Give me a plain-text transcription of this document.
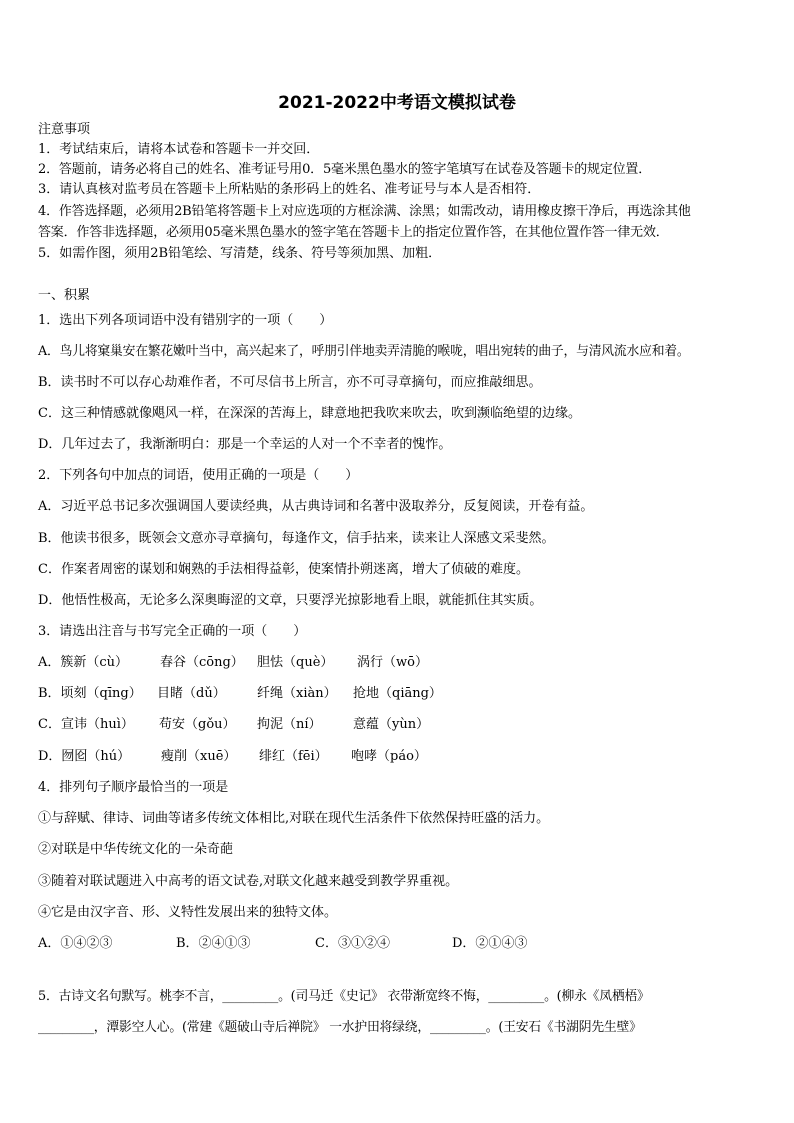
2021-2022中考语文模拟试卷
注意事项
1．考试结束后，请将本试卷和答题卡一并交回．
2．答题前，请务必将自己的姓名、准考证号用0．5毫米黑色墨水的签字笔填写在试卷及答题卡的规定位置．
3．请认真核对监考员在答题卡上所粘贴的条形码上的姓名、准考证号与本人是否相符．
4．作答选择题，必须用2B铅笔将答题卡上对应选项的方框涂满、涂黑；如需改动，请用橡皮擦干净后，再选涂其他
答案．作答非选择题，必须用05毫米黑色墨水的签字笔在答题卡上的指定位置作答，在其他位置作答一律无效．
5．如需作图，须用2B铅笔绘、写清楚，线条、符号等须加黑、加粗．
一、积累
1．选出下列各项词语中没有错别字的一项（　　）
A．鸟儿将窠巢安在繁花嫩叶当中，高兴起来了，呼朋引伴地卖弄清脆的喉咙，唱出宛转的曲子，与清风流水应和着。
B．读书时不可以存心劫难作者，不可尽信书上所言，亦不可寻章摘句，而应推敲细思。
C．这三种情感就像飓风一样，在深深的苦海上，肆意地把我吹来吹去，吹到濒临绝望的边缘。
D．几年过去了，我渐渐明白：那是一个幸运的人对一个不幸者的愧怍。
2．下列各句中加点的词语，使用正确的一项是（　　）
A．习近平总书记多次强调国人要读经典，从古典诗词和名著中汲取养分，反复阅读，开卷有益。
B．他读书很多，既领会文意亦寻章摘句，每逢作文，信手拈来，读来让人深感文采斐然。
C．作案者周密的谋划和娴熟的手法相得益彰，使案情扑朔迷离，增大了侦破的难度。
D．他悟性极高，无论多么深奥晦涩的文章，只要浮光掠影地看上眼，就能抓住其实质。
3．请选出注音与书写完全正确的一项（　　）
A．簇新（cù） 春谷（cōng） 胆怯（què） 涡行（wō）
B．顷刻（qīng） 目睹（dǔ） 纤绳（xiàn） 抢地（qiāng）
C．宣讳（huì） 苟安（gǒu） 拘泥（ní） 意蕴（yùn）
D．囫囵（hú） 瘦削（xuē） 绯红（fēi） 咆哮（páo）
4．排列句子顺序最恰当的一项是
①与辞赋、律诗、词曲等诸多传统文体相比,对联在现代生活条件下依然保持旺盛的活力。
②对联是中华传统文化的一朵奇葩
③随着对联试题进入中高考的语文试卷,对联文化越来越受到教学界重视。
④它是由汉字音、形、义特性发展出来的独特文体。
A．①④②③	B．②④①③	C．③①②④	D．②①④③
5．古诗文名句默写。桃李不言，_________。(司马迁《史记》 衣带渐宽终不悔，_________。(柳永《凤栖梧》
_________，潭影空人心。(常建《题破山寺后禅院》 一水护田将绿绕，_________。(王安石《书湖阴先生壁》
